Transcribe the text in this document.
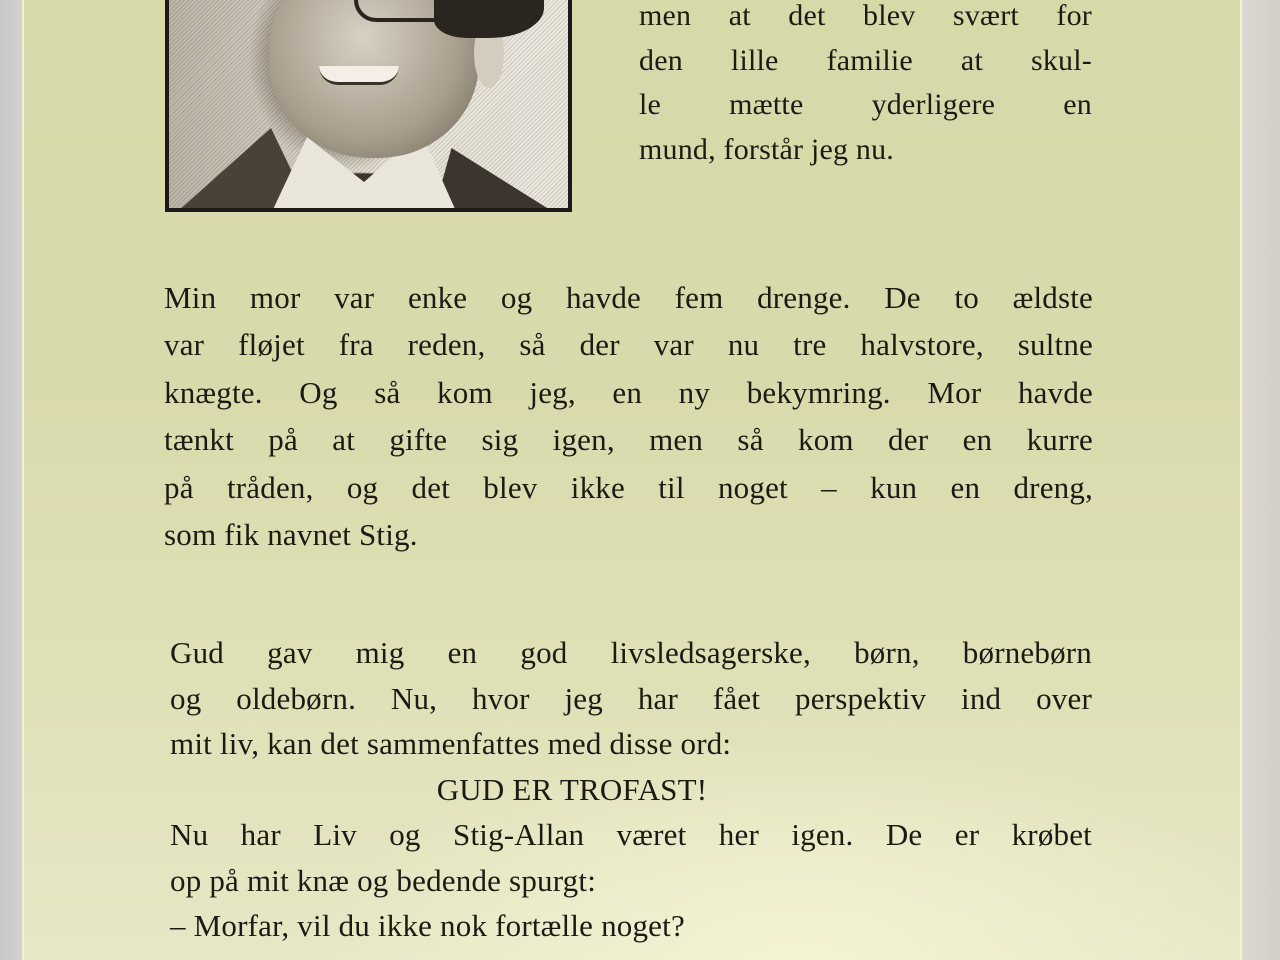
men at det blev svært for
den lille familie at skul-
le mætte yderligere en
mund, forstår jeg nu.
Min mor var enke og havde fem drenge. De to ældste
var fløjet fra reden, så der var nu tre halvstore, sultne
knægte. Og så kom jeg, en ny bekymring. Mor havde
tænkt på at gifte sig igen, men så kom der en kurre
på tråden, og det blev ikke til noget – kun en dreng,
som fik navnet Stig.
Gud gav mig en god livsledsagerske, børn, børnebørn
og oldebørn. Nu, hvor jeg har fået perspektiv ind over
mit liv, kan det sammenfattes med disse ord:
GUD ER TROFAST!
Nu har Liv og Stig-Allan været her igen. De er krøbet
op på mit knæ og bedende spurgt:
– Morfar, vil du ikke nok fortælle noget?
